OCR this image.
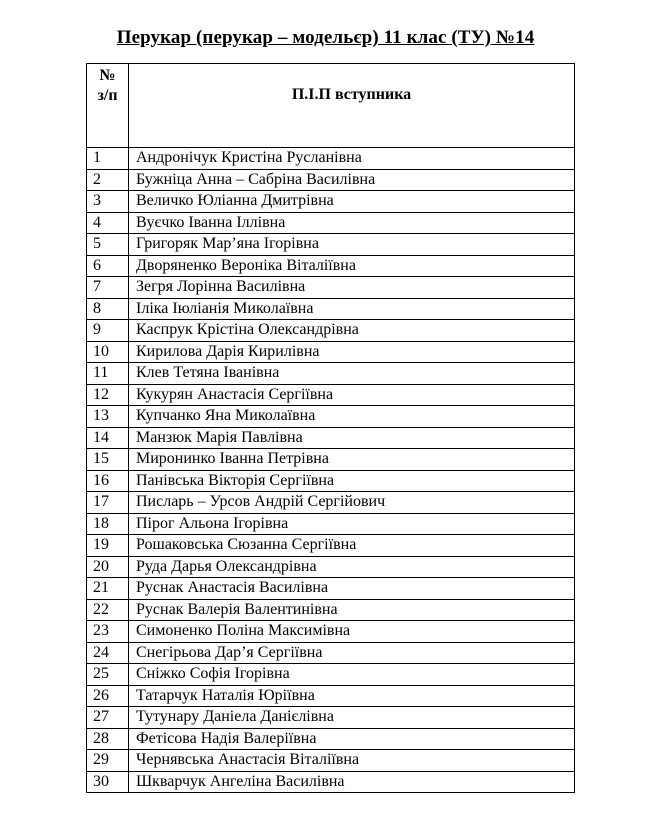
Перукар (перукар – модельєр) 11 клас (ТУ) №14
№
з/п	П.І.П вступника
1	Андронічук Кристіна Русланівна
2	Бужніца Анна – Сабріна Василівна
3	Величко Юліанна Дмитрівна
4	Вуєчко Іванна Іллівна
5	Григоряк Мар’яна Ігорівна
6	Дворяненко Вероніка Віталіївна
7	Зегря Лорінна Василівна
8	Іліка Іюліанія Миколаївна
9	Каспрук Крістіна Олександрівна
10	Кирилова Дарія Кирилівна
11	Клев Тетяна Іванівна
12	Кукурян Анастасія Сергіївна
13	Купчанко Яна Миколаївна
14	Манзюк Марія Павлівна
15	Миронинко Іванна Петрівна
16	Панівська Вікторія Сергіївна
17	Писларь – Урсов Андрій Сергійович
18	Пірог Альона Ігорівна
19	Рошаковська Сюзанна Сергіївна
20	Руда Дарья Олександрівна
21	Руснак Анастасія Василівна
22	Руснак Валерія Валентинівна
23	Симоненко Поліна Максимівна
24	Снегірьова Дар’я Сергіївна
25	Сніжко Софія Ігорівна
26	Татарчук Наталія Юріївна
27	Тутунару Даніела Данієлівна
28	Фетісова Надія Валеріївна
29	Чернявська Анастасія Віталіївна
30	Шкварчук Ангеліна Василівна
